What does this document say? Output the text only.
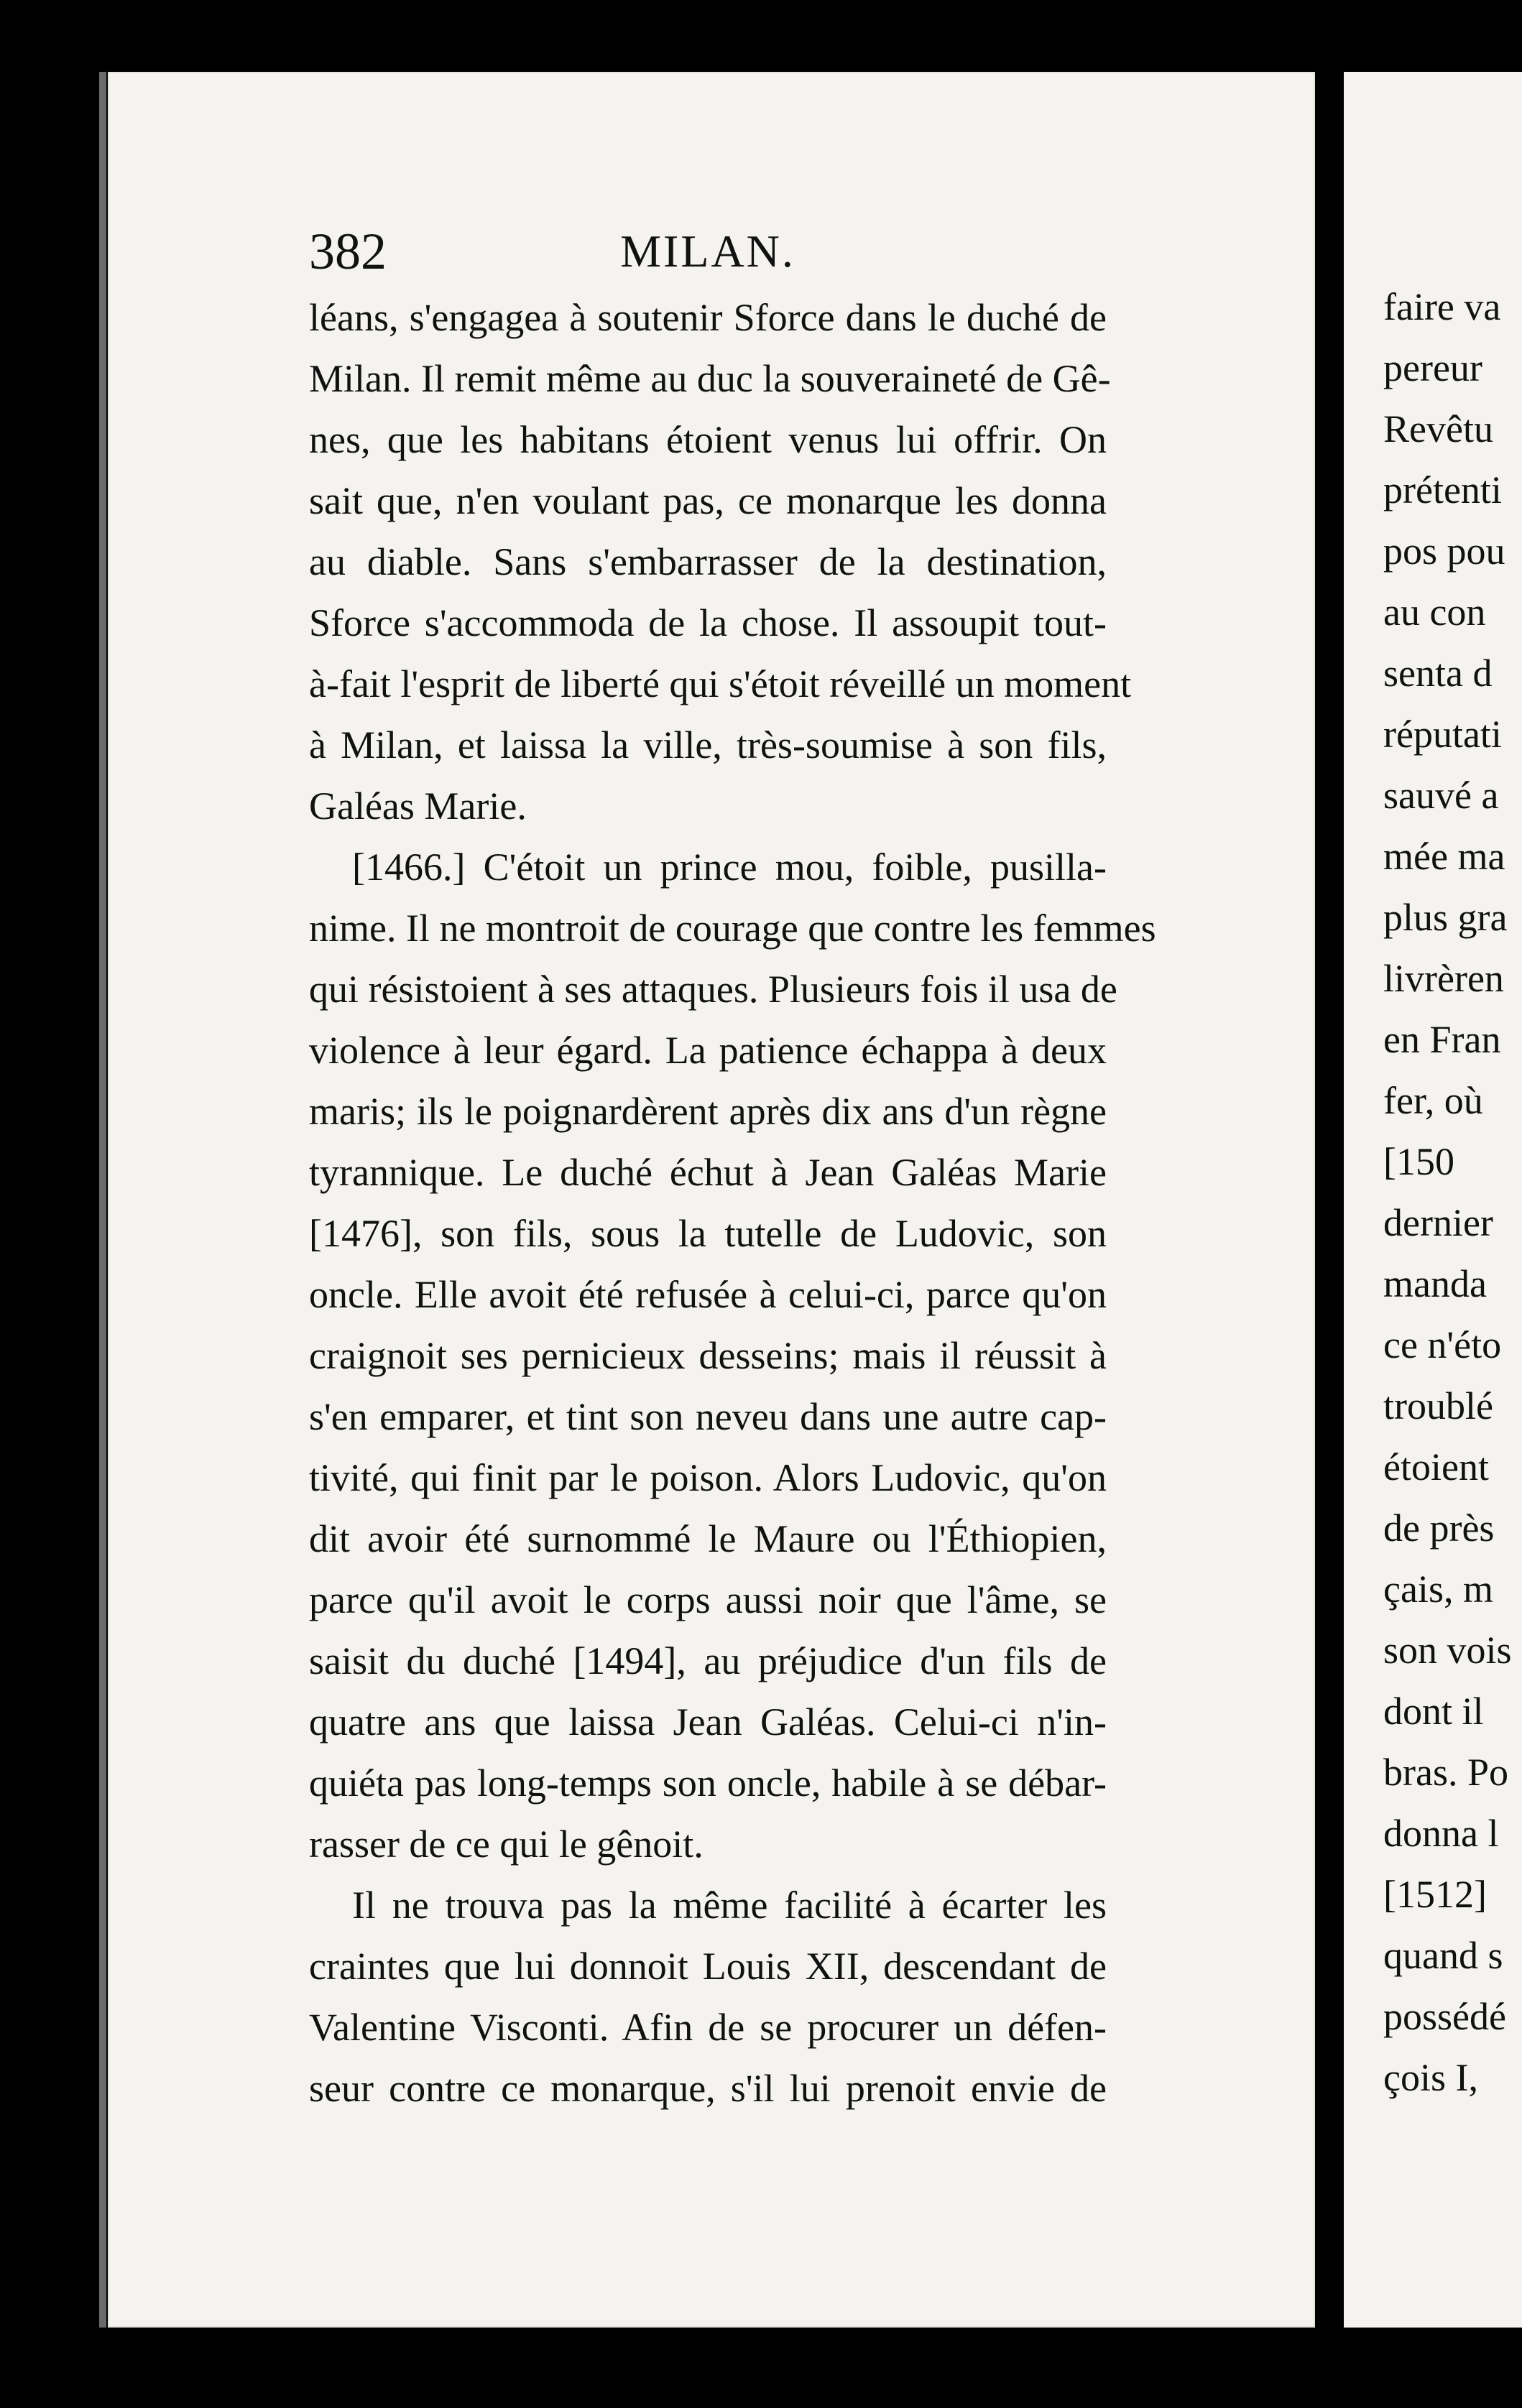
382	MILAN.
léans, s'engagea à soutenir Sforce dans le duché de
Milan. Il remit même au duc la souveraineté de Gê-
nes, que les habitans étoient venus lui offrir. On
sait que, n'en voulant pas, ce monarque les donna
au diable. Sans s'embarrasser de la destination,
Sforce s'accommoda de la chose. Il assoupit tout-
à-fait l'esprit de liberté qui s'étoit réveillé un moment
à Milan, et laissa la ville, très-soumise à son fils,
Galéas Marie.
[1466.] C'étoit un prince mou, foible, pusilla-
nime. Il ne montroit de courage que contre les femmes
qui résistoient à ses attaques. Plusieurs fois il usa de
violence à leur égard. La patience échappa à deux
maris; ils le poignardèrent après dix ans d'un règne
tyrannique. Le duché échut à Jean Galéas Marie
[1476], son fils, sous la tutelle de Ludovic, son
oncle. Elle avoit été refusée à celui-ci, parce qu'on
craignoit ses pernicieux desseins; mais il réussit à
s'en emparer, et tint son neveu dans une autre cap-
tivité, qui finit par le poison. Alors Ludovic, qu'on
dit avoir été surnommé le Maure ou l'Éthiopien,
parce qu'il avoit le corps aussi noir que l'âme, se
saisit du duché [1494], au préjudice d'un fils de
quatre ans que laissa Jean Galéas. Celui-ci n'in-
quiéta pas long-temps son oncle, habile à se débar-
rasser de ce qui le gênoit.
Il ne trouva pas la même facilité à écarter les
craintes que lui donnoit Louis XII, descendant de
Valentine Visconti. Afin de se procurer un défen-
seur contre ce monarque, s'il lui prenoit envie de
faire va
pereur
Revêtu
prétenti
pos pou
au con
senta d
réputati
sauvé a
mée ma
plus gra
livrèren
en Fran
fer, où
[150
dernier
manda
ce n'éto
troublé
étoient
de près
çais, m
son vois
dont il
bras. Po
donna l
[1512]
quand s
possédé
çois I,
